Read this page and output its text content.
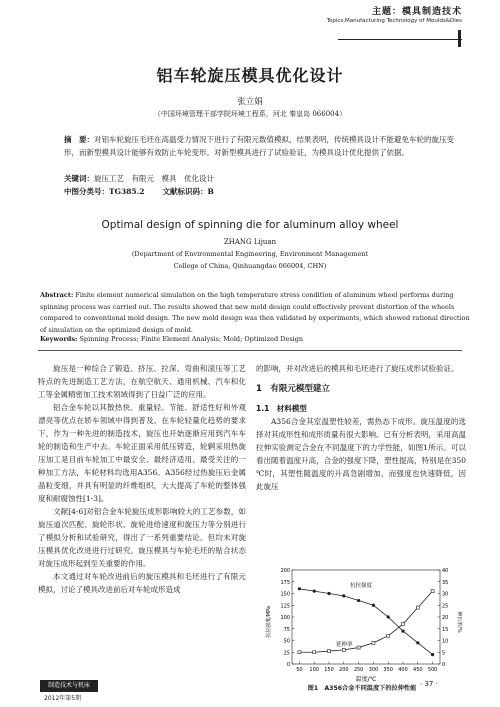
主题：模具制造技术
Topics,Manufacturing Technology of Moulds&Dies
铝车轮旋压模具优化设计
张立娟
（中国环境管理干部学院环境工程系，河北 秦皇岛 066004）
摘　要：对铝车轮旋压毛坯在高温受力情况下进行了有限元数值模拟，结果表明，传统模具设计不能避免车轮的旋压变形，而新型模具设计能够有效防止车轮变形。对新型模具进行了试验验证，为模具设计优化提供了依据。
关键词：旋压工艺　有限元　模具　优化设计
中图分类号：TG385.2 文献标识码：B
Optimal design of spinning die for aluminum alloy wheel
ZHANG Lijuan
(Department of Environmental Engineering, Environment Management
College of China, Qinhuangdao 066004, CHN)
Abstract: Finite element numerical simulation on the high temperature stress condition of aluminum wheel performs during spinning process was carried out. The results showed that new mold design could effectively prevent distortion of the wheels compared to conventional mold design. The new mold design was then validated by experiments, which showed rational direction of simulation on the optimized design of mold.
Keywords: Spinning Process; Finite Element Analysis; Mold; Optimized Design

旋压是一种综合了锻造、挤压、拉深、弯曲和滚压等工艺特点的先进制造工艺方法，在航空航天、通用机械、汽车和化工等金属精密加工技术领域得到了日益广泛的应用。

铝合金车轮以其散热快、重量轻、节能、舒适性好和外观漂亮等优点在轿车领域中得到普及。在车轮轻量化趋势的要求下，作为一种先进的制造技术，旋压也开始逐渐应用到汽车车轮的制造和生产中去。车轮正面采用低压铸造，轮辋采用热旋压加工是目前车轮加工中最安全、最经济适用、最受关注的一种加工方法，车轮材料均选用A356。A356经过热旋压后金属晶粒变细，并具有明显的纤维组织，大大提高了车轮的整体强度和耐腐蚀性[1-3]。

文献[4-6]对铝合金车轮旋压成形影响较大的工艺参数，如旋压道次匹配、旋轮形状、旋轮进给速度和旋压力等分别进行了模拟分析和试验研究，得出了一系列重要结论。但均未对旋压模具优化改进进行过研究。旋压模具与车轮毛坯的贴合状态对旋压成形起到至关重要的作用。

本文通过对车轮改进前后的旋压模具和毛坯进行了有限元模拟，讨论了模具改进前后对车轮成形造成

的影响，并对改进后的模具和毛坯进行了旋压成形试验验证。

1　有限元模型建立
1.1　材料模型

A356合金其室温塑性较差，需热态下成形。旋压温度的选择对其成形性和成形质量有很大影响。已有分析表明，采用高温拉伸实验测定合金在不同温度下的力学性能，如图1所示。可以看出随着温度升高，合金的强度下降，塑性提高，特别是在350 ℃时，其塑性随温度的升高急剧增加，而强度也快速降低，因此旋压

0
25
50
75
100
125
150
175
200
0
5
10
15
20
25
30
35
40
50 100 150 200 250 300 350 400 450 500
温度/℃
抗拉强度/MPa	伸长率/%
抗拉强度
延伸率
图1　A356合金不同温度下的拉伸性能
制造技术与机床
2012年第5期
· 37 ·
